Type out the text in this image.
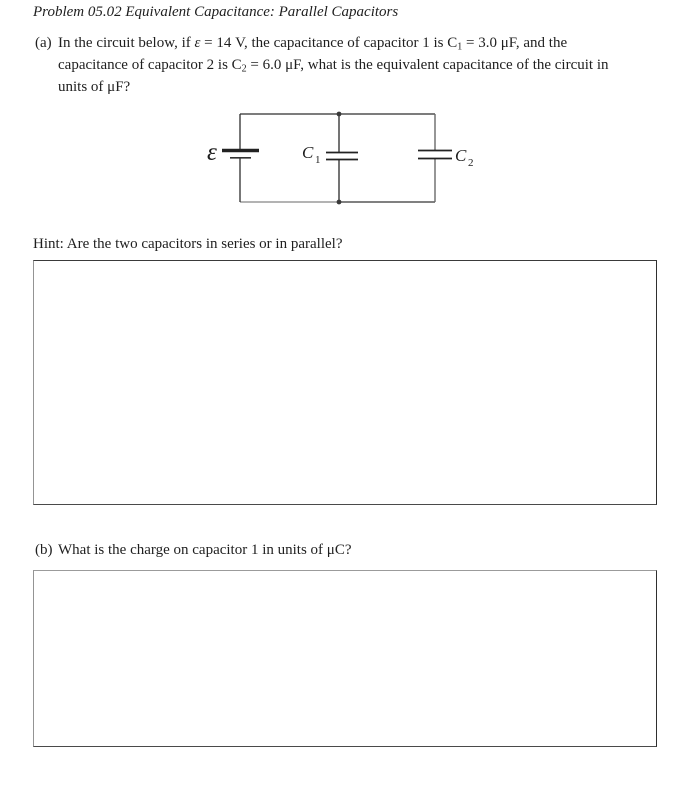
Problem 05.02 Equivalent Capacitance: Parallel Capacitors
(a) In the circuit below, if ε = 14 V, the capacitance of capacitor 1 is C1 = 3.0 μF, and the
capacitance of capacitor 2 is C2 = 6.0 μF, what is the equivalent capacitance of the circuit in
units of μF?
ε	C 1	C 2
Hint: Are the two capacitors in series or in parallel?
(b) What is the charge on capacitor 1 in units of μC?
